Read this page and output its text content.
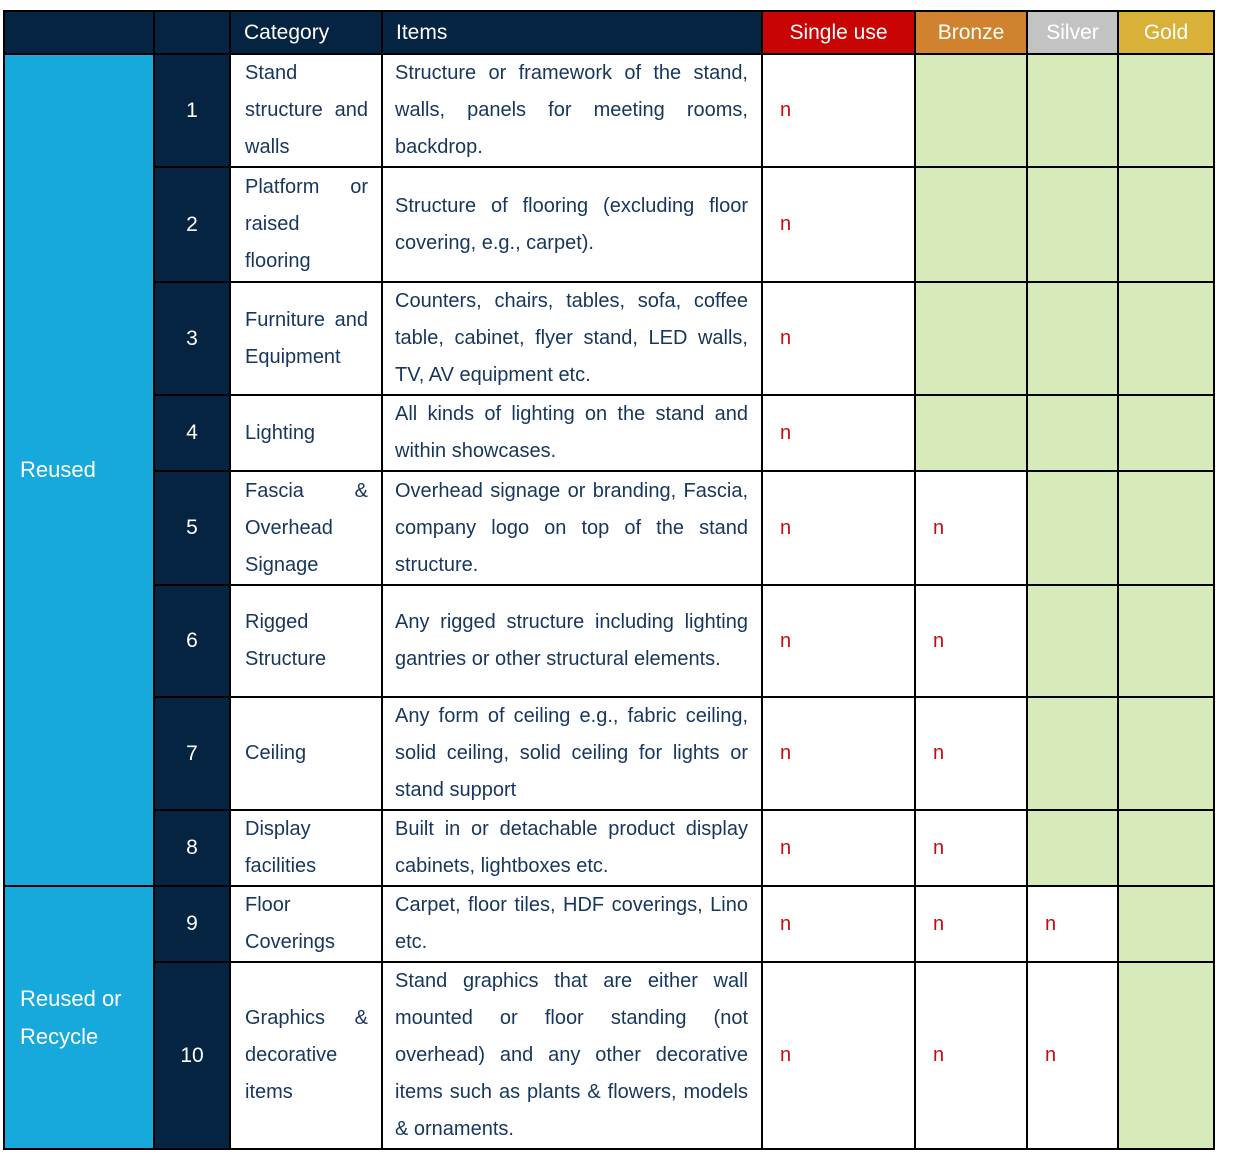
		Category	Items	Single use	Bronze	Silver	Gold
Reused	1	Stand structure and walls	Structure or framework of the stand, walls, panels for meeting rooms, backdrop.	n			
	2	Platform or raised flooring	Structure of flooring (excluding floor covering, e.g., carpet).	n			
	3	Furniture and Equipment	Counters, chairs, tables, sofa, coffee table, cabinet, flyer stand, LED walls, TV, AV equipment etc.	n			
	4	Lighting	All kinds of lighting on the stand and within showcases.	n			
	5	Fascia & Overhead Signage	Overhead signage or branding, Fascia, company logo on top of the stand structure.	n	n		
	6	Rigged Structure	Any rigged structure including lighting gantries or other structural elements.	n	n		
	7	Ceiling	Any form of ceiling e.g., fabric ceiling, solid ceiling, solid ceiling for lights or stand support	n	n		
	8	Display facilities	Built in or detachable product display cabinets, lightboxes etc.	n	n		
Reused or Recycle	9	Floor Coverings	Carpet, floor tiles, HDF coverings, Lino etc.	n	n	n	
	10	Graphics & decorative items	Stand graphics that are either wall mounted or floor standing (not overhead) and any other decorative items such as plants & flowers, models & ornaments.	n	n	n	
